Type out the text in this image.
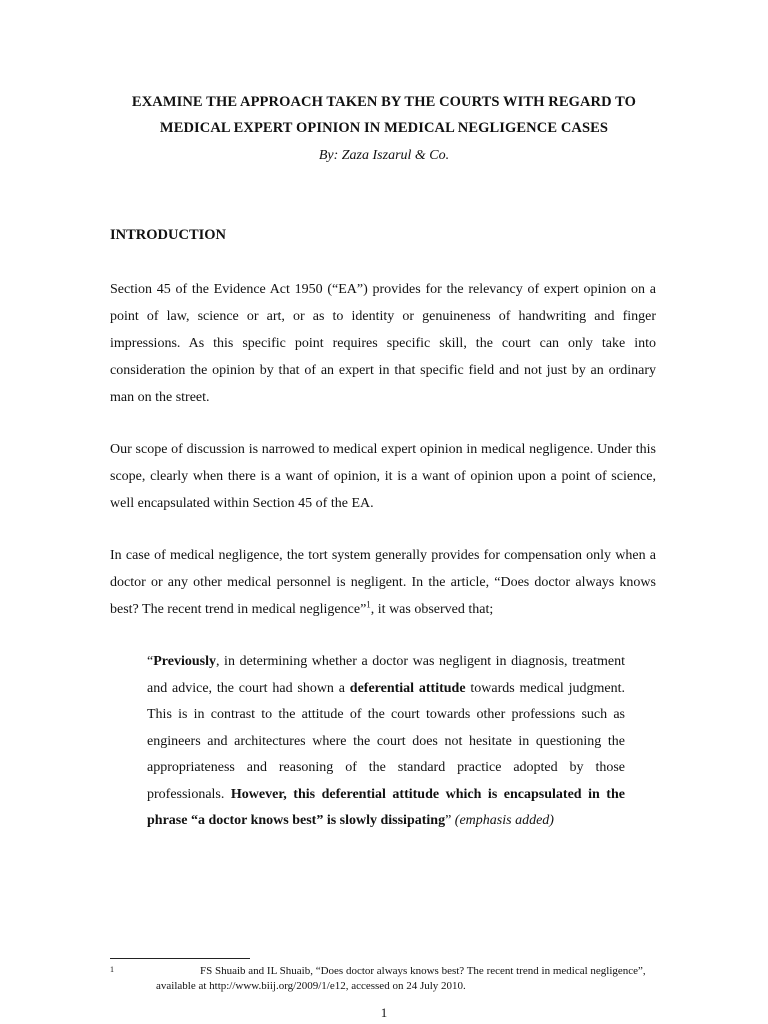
EXAMINE THE APPROACH TAKEN BY THE COURTS WITH REGARD TO
MEDICAL EXPERT OPINION IN MEDICAL NEGLIGENCE CASES

By: Zaza Iszarul & Co.

INTRODUCTION

Section 45 of the Evidence Act 1950 (“EA”) provides for the relevancy of expert opinion on a point of law, science or art, or as to identity or genuineness of handwriting and finger impressions. As this specific point requires specific skill, the court can only take into consideration the opinion by that of an expert in that specific field and not just by an ordinary man on the street.

Our scope of discussion is narrowed to medical expert opinion in medical negligence. Under this scope, clearly when there is a want of opinion, it is a want of opinion upon a point of science, well encapsulated within Section 45 of the EA.

In case of medical negligence, the tort system generally provides for compensation only when a doctor or any other medical personnel is negligent. In the article, “Does doctor always knows best? The recent trend in medical negligence”$^1$, it was observed that;

“Previously, in determining whether a doctor was negligent in diagnosis, treatment and advice, the court had shown a deferential attitude towards medical judgment. This is in contrast to the attitude of the court towards other professions such as engineers and architectures where the court does not hesitate in questioning the appropriateness and reasoning of the standard practice adopted by those professionals. However, this deferential attitude which is encapsulated in the phrase “a doctor knows best” is slowly dissipating” (emphasis added)

1	FS Shuaib and IL Shuaib, “Does doctor always knows best? The recent trend in medical negligence”, available at http://www.biij.org/2009/1/e12, accessed on 24 July 2010.

1
